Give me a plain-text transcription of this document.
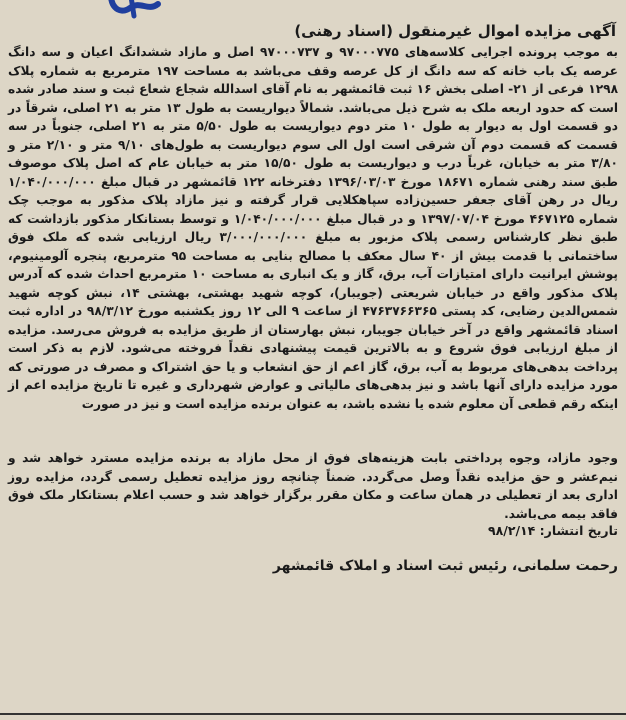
آگهی مزایده اموال غیرمنقول (اسناد رهنی)

به موجب پرونده اجرایی کلاسه‌های ۹۷۰۰۰۷۷۵ و ۹۷۰۰۰۷۳۷ اصل و مازاد ششدانگ اعیان و سه دانگ عرصه یک باب خانه که سه دانگ از کل عرصه وقف می‌باشد به مساحت ۱۹۷ مترمربع به شماره پلاک ۱۲۹۸ فرعی از ۲۱- اصلی بخش ۱۶ ثبت قائمشهر به نام آقای اسدالله شجاع شعاع ثبت و سند صادر شده است که حدود اربعه ملک به شرح ذیل می‌باشد. شمالاً دیواریست به طول ۱۳ متر به ۲۱ اصلی، شرقاً در دو قسمت اول به دیوار به طول ۱۰ متر دوم دیواریست به طول ۵/۵۰ متر به ۲۱ اصلی، جنوباً در سه قسمت که قسمت دوم آن شرقی است اول الی سوم دیواریست به طول‌های ۹/۱۰ متر و ۲/۱۰ متر و ۳/۸۰ متر به خیابان، غرباً درب و دیواریست به طول ۱۵/۵۰ متر به خیابان عام که اصل پلاک موصوف طبق سند رهنی شماره ۱۸۶۷۱ مورخ ۱۳۹۶/۰۳/۰۳ دفترخانه ۱۲۲ قائمشهر در قبال مبلغ ۱/۰۴۰/۰۰۰/۰۰۰ ریال در رهن آقای جعفر حسین‌زاده سپاهکلایی قرار گرفته و نیز مازاد پلاک مذکور به موجب چک شماره ۴۶۷۱۲۵ مورخ ۱۳۹۷/۰۷/۰۴ و در قبال مبلغ ۱/۰۴۰/۰۰۰/۰۰۰ و توسط بستانکار مذکور بازداشت که طبق نظر کارشناس رسمی پلاک مزبور به مبلغ ۳/۰۰۰/۰۰۰/۰۰۰ ریال ارزیابی شده که ملک فوق ساختمانی با قدمت بیش از ۴۰ سال معکف با مصالح بنایی به مساحت ۹۵ مترمربع، پنجره آلومینیوم، پوشش ایرانیت دارای امتیازات آب، برق، گاز و یک انباری به مساحت ۱۰ مترمربع احداث شده که آدرس پلاک مذکور واقع در خیابان شریعتی (جویبار)، کوچه شهید بهشتی، بهشتی ۱۴، نبش کوچه شهید شمس‌الدین رضایی، کد پستی ۴۷۶۳۷۶۶۳۶۵ از ساعت ۹ الی ۱۲ روز یکشنبه مورخ ۹۸/۳/۱۲ در اداره ثبت اسناد قائمشهر واقع در آخر خیابان جویبار، نبش بهارستان از طریق مزایده به فروش می‌رسد. مزایده از مبلغ ارزیابی فوق شروع و به بالاترین قیمت پیشنهادی نقداً فروخته می‌شود. لازم به ذکر است پرداخت بدهی‌های مربوط به آب، برق، گاز اعم از حق انشعاب و یا حق اشتراک و مصرف در صورتی که مورد مزایده دارای آنها باشد و نیز بدهی‌های مالیاتی و عوارض شهرداری و غیره تا تاریخ مزایده اعم از اینکه رقم قطعی آن معلوم شده یا نشده باشد، به عنوان برنده مزایده است و نیز در صورت

وجود مازاد، وجوه پرداختی بابت هزینه‌های فوق از محل مازاد به برنده مزایده مسترد خواهد شد و نیم‌عشر و حق مزایده نقداً وصل می‌گردد. ضمناً چنانچه روز مزایده تعطیل رسمی گردد، مزایده روز اداری بعد از تعطیلی در همان ساعت و مکان مقرر برگزار خواهد شد و حسب اعلام بستانکار ملک فوق فاقد بیمه می‌باشد.

تاریخ انتشار: ۹۸/۲/۱۴
رحمت سلمانی، رئیس ثبت اسناد و املاک قائمشهر
